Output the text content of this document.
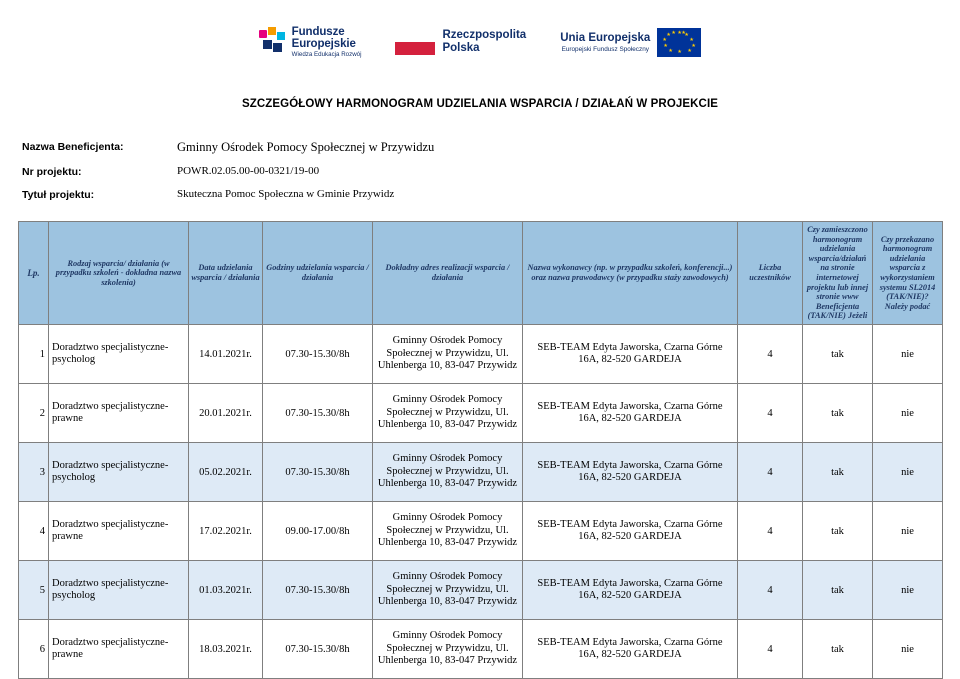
Fundusze
Europejskie
Wiedza Edukacja Rozwój
Rzeczpospolita
Polska
Unia Europejska
Europejski Fundusz Społeczny
★ ★
★
★
★
★
★
★
★
★ ★ ★
SZCZEGÓŁOWY HARMONOGRAM UDZIELANIA WSPARCIA / DZIAŁAŃ W PROJEKCIE
Nazwa Beneficjenta:	Gminny Ośrodek Pomocy Społecznej w Przywidzu
Nr projektu:	POWR.02.05.00-00-0321/19-00
Tytuł projektu:	Skuteczna Pomoc Społeczna w Gminie Przywidz
Lp.	Rodzaj wsparcia/ działania (w przypadku szkoleń - dokładna nazwa szkolenia)	Data udzielania wsparcia / działania	Godziny udzielania wsparcia / działania	Dokładny adres realizacji wsparcia / działania	Nazwa wykonawcy (np. w przypadku szkoleń, konferencji...) oraz nazwa prawodawcy (w przypadku staży zawodowych)	Liczba uczestników	Czy zamieszczono harmonogram udzielania wsparcia/działań na stronie internetowej projektu lub innej stronie www Beneficjenta (TAK/NIE) Jeżeli	Czy przekazano harmonogram udzielania wsparcia z wykorzystaniem systemu SL2014 (TAK/NIE)? Należy podać
1	Doradztwo specjalistyczne-psycholog	14.01.2021r.	07.30-15.30/8h	Gminny Ośrodek Pomocy Społecznej w Przywidzu, Ul. Uhlenberga 10, 83-047 Przywidz	SEB-TEAM Edyta Jaworska, Czarna Górne 16A, 82-520 GARDEJA	4	tak	nie
2	Doradztwo specjalistyczne-prawne	20.01.2021r.	07.30-15.30/8h	Gminny Ośrodek Pomocy Społecznej w Przywidzu, Ul. Uhlenberga 10, 83-047 Przywidz	SEB-TEAM Edyta Jaworska, Czarna Górne 16A, 82-520 GARDEJA	4	tak	nie
3	Doradztwo specjalistyczne-psycholog	05.02.2021r.	07.30-15.30/8h	Gminny Ośrodek Pomocy Społecznej w Przywidzu, Ul. Uhlenberga 10, 83-047 Przywidz	SEB-TEAM Edyta Jaworska, Czarna Górne 16A, 82-520 GARDEJA	4	tak	nie
4	Doradztwo specjalistyczne-prawne	17.02.2021r.	09.00-17.00/8h	Gminny Ośrodek Pomocy Społecznej w Przywidzu, Ul. Uhlenberga 10, 83-047 Przywidz	SEB-TEAM Edyta Jaworska, Czarna Górne 16A, 82-520 GARDEJA	4	tak	nie
5	Doradztwo specjalistyczne-psycholog	01.03.2021r.	07.30-15.30/8h	Gminny Ośrodek Pomocy Społecznej w Przywidzu, Ul. Uhlenberga 10, 83-047 Przywidz	SEB-TEAM Edyta Jaworska, Czarna Górne 16A, 82-520 GARDEJA	4	tak	nie
6	Doradztwo specjalistyczne-prawne	18.03.2021r.	07.30-15.30/8h	Gminny Ośrodek Pomocy Społecznej w Przywidzu, Ul. Uhlenberga 10, 83-047 Przywidz	SEB-TEAM Edyta Jaworska, Czarna Górne 16A, 82-520 GARDEJA	4	tak	nie
